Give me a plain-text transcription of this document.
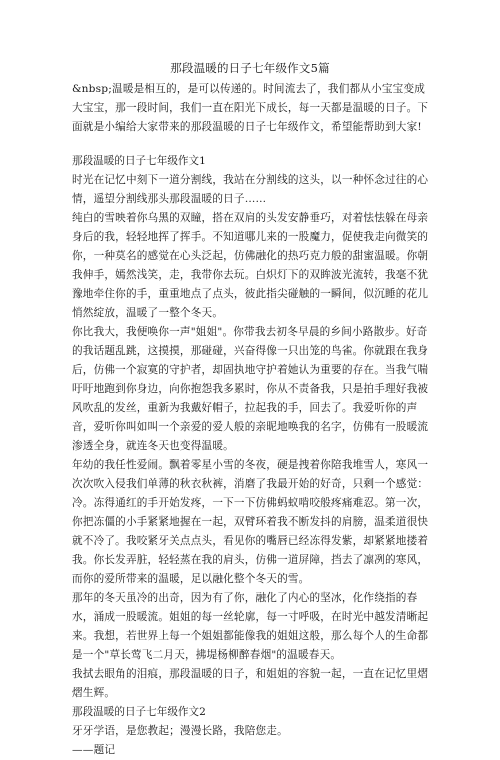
那段温暖的日子七年级作文5篇

&nbsp;温暖是相互的，是可以传递的。时间流去了，我们都从小宝宝变成大宝宝，那一段时间，我们一直在阳光下成长，每一天都是温暖的日子。下面就是小编给大家带来的那段温暖的日子七年级作文，希望能帮助到大家!

那段温暖的日子七年级作文1

时光在记忆中刻下一道分割线，我站在分割线的这头，以一种怀念过往的心情，遥望分割线那头那段温暖的日子……

纯白的雪映着你乌黑的双瞳，搭在双肩的头发安静垂巧，对着怯怯躲在母亲身后的我，轻轻地挥了挥手。不知道哪儿来的一股魔力，促使我走向微笑的你，一种莫名的感觉在心头泛起，仿佛融化的热巧克力般的甜蜜温暖。你朝我伸手，嫣然浅笑，走，我带你去玩。白炽灯下的双眸波光流转，我毫不犹豫地牵住你的手，重重地点了点头，彼此指尖碰触的一瞬间，似沉睡的花儿悄然绽放，温暖了一整个冬天。

你比我大，我便唤你一声"姐姐"。你带我去初冬早晨的乡间小路散步。好奇的我话题乱跳，这摸摸，那碰碰，兴奋得像一只出笼的鸟雀。你就跟在我身后，仿佛一个寂寞的守护者，却固执地守护着她认为重要的存在。当我气喘吁吁地跑到你身边，向你抱怨我多累时，你从不责备我，只是拍手理好我被风吹乱的发丝，重新为我戴好帽子，拉起我的手，回去了。我爱听你的声音，爱听你叫如叫一个亲爱的爱人般的亲昵地唤我的名字，仿佛有一股暖流渗透全身，就连冬天也变得温暖。

年幼的我任性爱闹。飘着零星小雪的冬夜，硬是拽着你陪我堆雪人，寒风一次次吹入侵我们单薄的秋衣秋裤，消磨了我最开始的好奇，只剩一个感觉：冷。冻得通红的手开始发疼，一下一下仿佛蚂蚁啃咬般疼痛难忍。第一次，你把冻僵的小手紧紧地握在一起，双臂环着我不断发抖的肩膀，温柔道很快就不冷了。我咬紧牙关点点头，看见你的嘴唇已经冻得发紫，却紧紧地搂着我。你长发弄脏，轻轻蒸在我的肩头，仿佛一道屏障，挡去了凛冽的寒风，而你的爱所带来的温暖，足以融化整个冬天的雪。

那年的冬天虽冷的出奇，因为有了你，融化了内心的坚冰，化作绕指的春水，涌成一股暖流。姐姐的每一丝轮廓，每一寸呼吸，在时光中越发清晰起来。我想，若世界上每一个姐姐都能像我的姐姐这般，那么每个人的生命都是一个"草长莺飞二月天，拂堤杨柳醉春烟"的温暖春天。

我拭去眼角的泪痕，那段温暖的日子，和姐姐的容貌一起，一直在记忆里熠熠生辉。

那段温暖的日子七年级作文2

牙牙学语，是您教起；漫漫长路，我陪您走。

——题记
